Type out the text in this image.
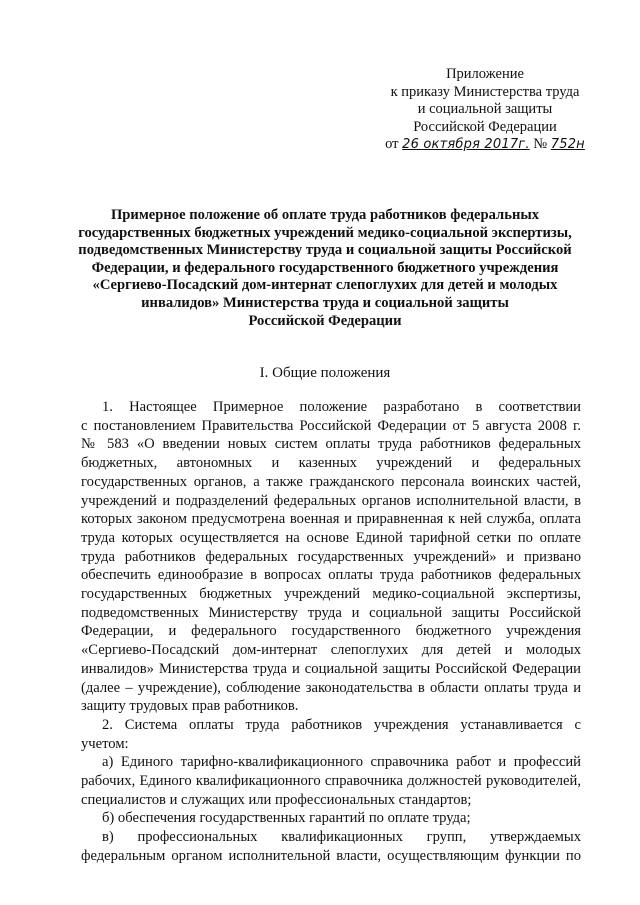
Приложение
к приказу Министерства труда
и социальной защиты
Российской Федерации
от 26 октября 2017г. № 752н
Примерное положение об оплате труда работников федеральных
государственных бюджетных учреждений медико-социальной экспертизы,
подведомственных Министерству труда и социальной защиты Российской
Федерации, и федерального государственного бюджетного учреждения
«Сергиево-Посадский дом-интернат слепоглухих для детей и молодых
инвалидов» Министерства труда и социальной защиты
Российской Федерации
I. Общие положения
1. Настоящее Примерное положение разработано в соответствии
с постановлением Правительства Российской Федерации от 5 августа 2008 г.
№ 583 «О введении новых систем оплаты труда работников федеральных
бюджетных, автономных и казенных учреждений и федеральных
государственных органов, а также гражданского персонала воинских частей,
учреждений и подразделений федеральных органов исполнительной власти, в
которых законом предусмотрена военная и приравненная к ней служба, оплата
труда которых осуществляется на основе Единой тарифной сетки по оплате
труда работников федеральных государственных учреждений» и призвано
обеспечить единообразие в вопросах оплаты труда работников федеральных
государственных бюджетных учреждений медико-социальной экспертизы,
подведомственных Министерству труда и социальной защиты Российской
Федерации, и федерального государственного бюджетного учреждения
«Сергиево-Посадский дом-интернат слепоглухих для детей и молодых
инвалидов» Министерства труда и социальной защиты Российской Федерации
(далее – учреждение), соблюдение законодательства в области оплаты труда и
защиту трудовых прав работников.
2. Система оплаты труда работников учреждения устанавливается с
учетом:
а) Единого тарифно-квалификационного справочника работ и профессий
рабочих, Единого квалификационного справочника должностей руководителей,
специалистов и служащих или профессиональных стандартов;
б) обеспечения государственных гарантий по оплате труда;
в) профессиональных квалификационных групп, утверждаемых
федеральным органом исполнительной власти, осуществляющим функции по
